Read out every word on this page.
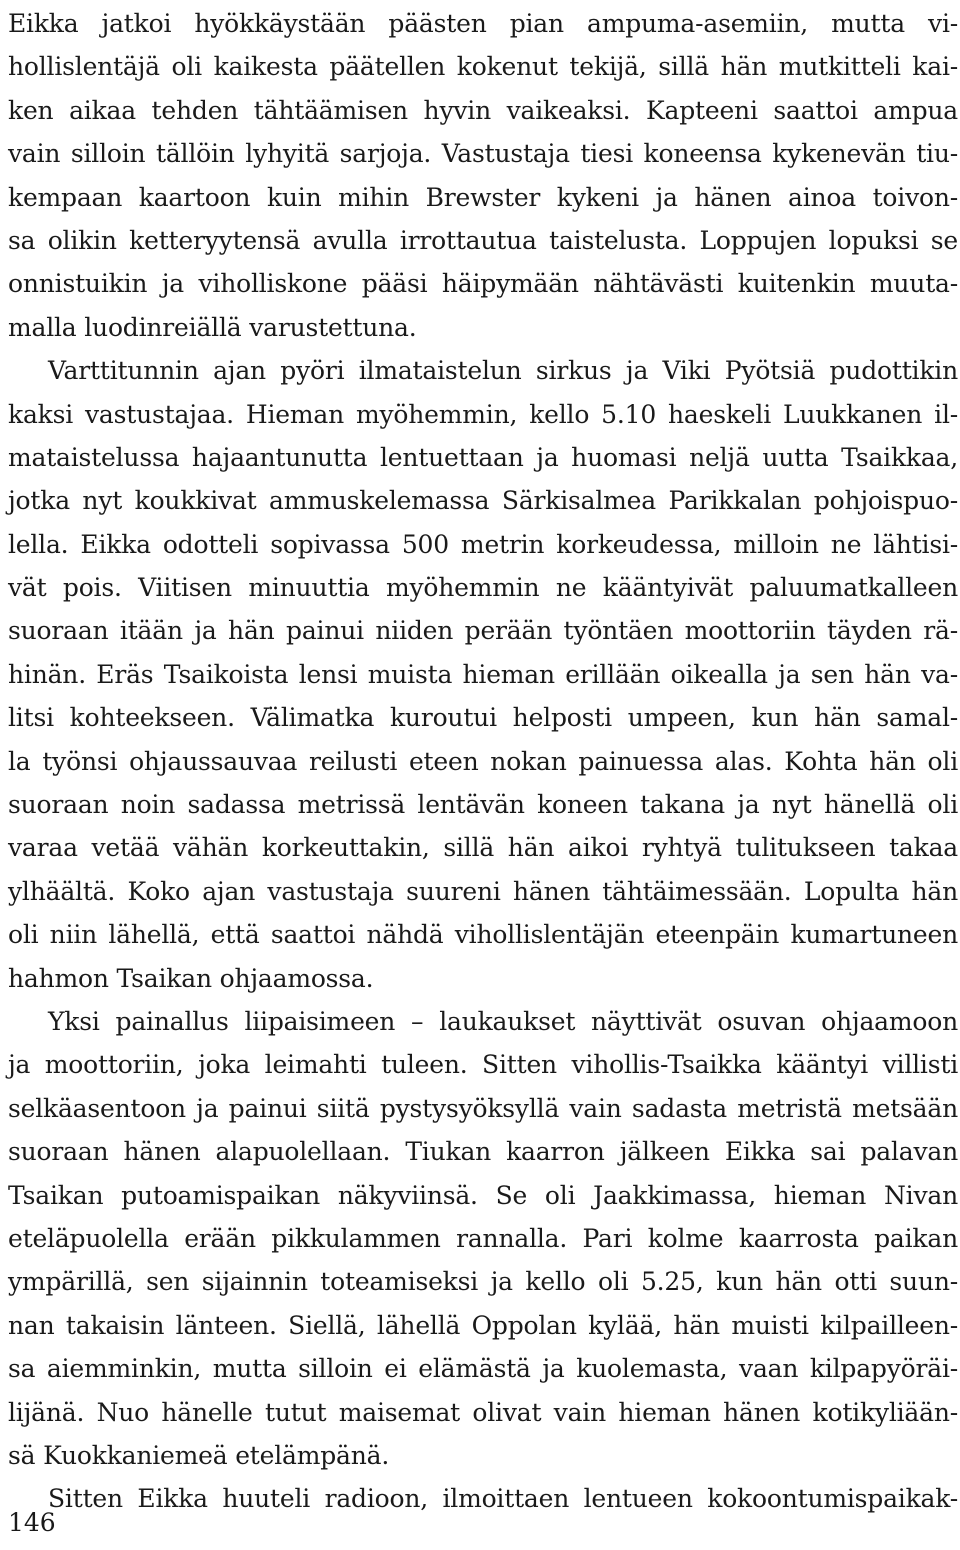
Eikka jatkoi hyökkäystään päästen pian ampuma-asemiin, mutta vi-
hollislentäjä oli kaikesta päätellen kokenut tekijä, sillä hän mutkitteli kai-
ken aikaa tehden tähtäämisen hyvin vaikeaksi. Kapteeni saattoi ampua
vain silloin tällöin lyhyitä sarjoja. Vastustaja tiesi koneensa kykenevän tiu-
kempaan kaartoon kuin mihin Brewster kykeni ja hänen ainoa toivon-
sa olikin ketteryytensä avulla irrottautua taistelusta. Loppujen lopuksi se
onnistuikin ja viholliskone pääsi häipymään nähtävästi kuitenkin muuta-
malla luodinreiällä varustettuna.
Varttitunnin ajan pyöri ilmataistelun sirkus ja Viki Pyötsiä pudottikin
kaksi vastustajaa. Hieman myöhemmin, kello 5.10 haeskeli Luukkanen il-
mataistelussa hajaantunutta lentuettaan ja huomasi neljä uutta Tsaikkaa,
jotka nyt koukkivat ammuskelemassa Särkisalmea Parikkalan pohjoispuo-
lella. Eikka odotteli sopivassa 500 metrin korkeudessa, milloin ne lähtisi-
vät pois. Viitisen minuuttia myöhemmin ne kääntyivät paluumatkalleen
suoraan itään ja hän painui niiden perään työntäen moottoriin täyden rä-
hinän. Eräs Tsaikoista lensi muista hieman erillään oikealla ja sen hän va-
litsi kohteekseen. Välimatka kuroutui helposti umpeen, kun hän samal-
la työnsi ohjaussauvaa reilusti eteen nokan painuessa alas. Kohta hän oli
suoraan noin sadassa metrissä lentävän koneen takana ja nyt hänellä oli
varaa vetää vähän korkeuttakin, sillä hän aikoi ryhtyä tulitukseen takaa
ylhäältä. Koko ajan vastustaja suureni hänen tähtäimessään. Lopulta hän
oli niin lähellä, että saattoi nähdä vihollislentäjän eteenpäin kumartuneen
hahmon Tsaikan ohjaamossa.
Yksi painallus liipaisimeen – laukaukset näyttivät osuvan ohjaamoon
ja moottoriin, joka leimahti tuleen. Sitten vihollis-Tsaikka kääntyi villisti
selkäasentoon ja painui siitä pystysyöksyllä vain sadasta metristä metsään
suoraan hänen alapuolellaan. Tiukan kaarron jälkeen Eikka sai palavan
Tsaikan putoamispaikan näkyviinsä. Se oli Jaakkimassa, hieman Nivan
eteläpuolella erään pikkulammen rannalla. Pari kolme kaarrosta paikan
ympärillä, sen sijainnin toteamiseksi ja kello oli 5.25, kun hän otti suun-
nan takaisin länteen. Siellä, lähellä Oppolan kylää, hän muisti kilpailleen-
sa aiemminkin, mutta silloin ei elämästä ja kuolemasta, vaan kilpapyöräi-
lijänä. Nuo hänelle tutut maisemat olivat vain hieman hänen kotikyliään-
sä Kuokkaniemeä etelämpänä.
Sitten Eikka huuteli radioon, ilmoittaen lentueen kokoontumispaikak-
146
